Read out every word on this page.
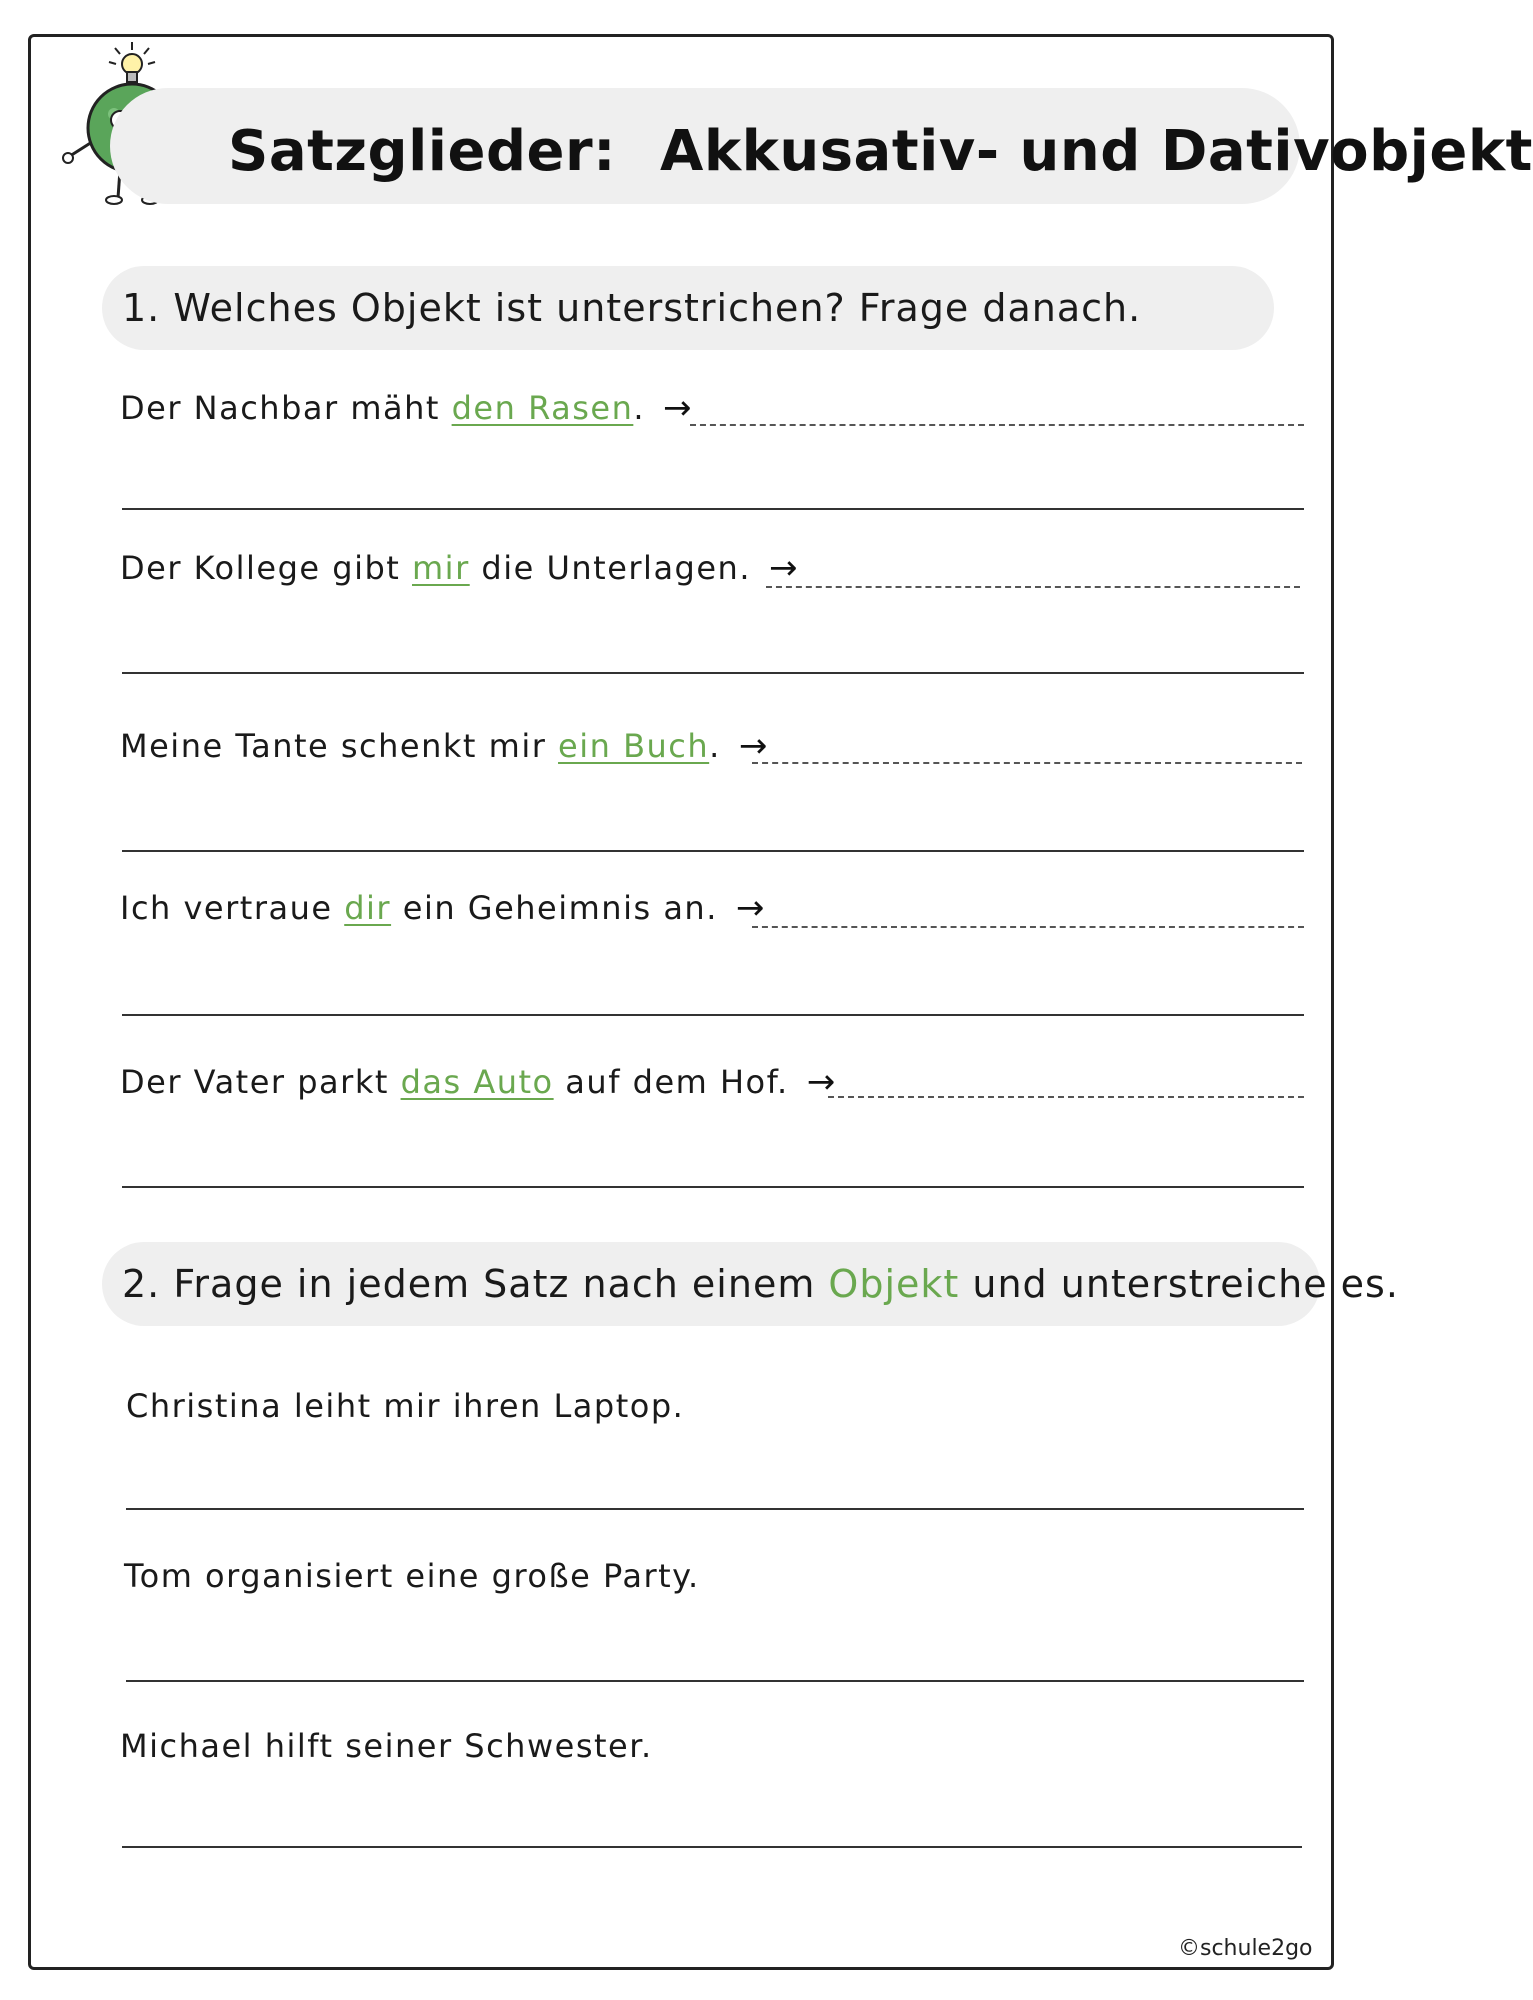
Satzglieder: Akkusativ- und Dativobjekt
1. Welches Objekt ist unterstrichen? Frage danach.
Der Nachbar mäht den Rasen. →
Der Kollege gibt mir die Unterlagen. →
Meine Tante schenkt mir ein Buch. →
Ich vertraue dir ein Geheimnis an. →
Der Vater parkt das Auto auf dem Hof. →
2. Frage in jedem Satz nach einem Objekt und unterstreiche es.
Christina leiht mir ihren Laptop.
Tom organisiert eine große Party.
Michael hilft seiner Schwester.
©schule2go
